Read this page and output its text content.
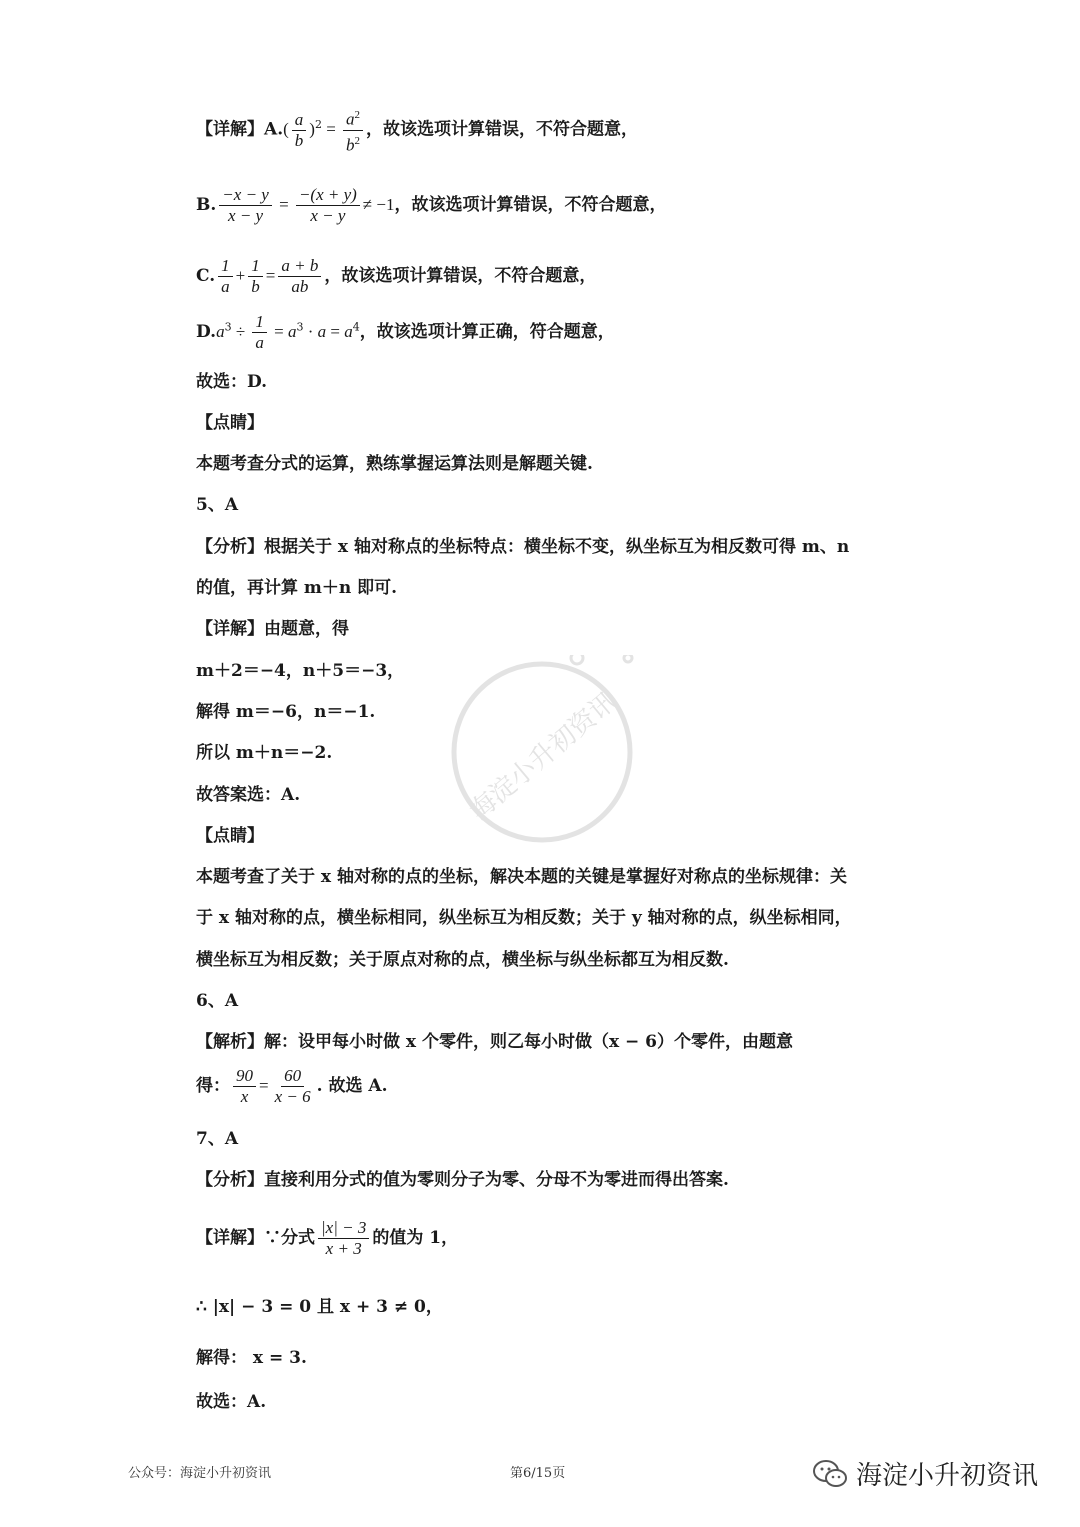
海淀小升初资讯
【详解】$A.( \frac{a}{b} )^2 = \frac{a^2}{b^2}$ ，故该选项计算错误，不符合题意，
B. $\frac{-x - y}{x - y} = \frac{-(x + y)}{x - y} \ne -1$，故该选项计算错误，不符合题意，
C. $\frac{1}{a} + \frac{1}{b} = \frac{a + b}{ab}$ ，故该选项计算错误，不符合题意，
$D.a^3 \div \frac{1}{a} = a^3 \cdot a = a^4$，故该选项计算正确，符合题意，
故选：D.
【点睛】
本题考查分式的运算，熟练掌握运算法则是解题关键.
5、A
【分析】根据关于 x 轴对称点的坐标特点：横坐标不变，纵坐标互为相反数可得 m、n
的值，再计算 m＋n 即可.
【详解】由题意，得
m＋2＝−4，n＋5＝−3，
解得 m＝−6，n＝−1.
所以 m＋n＝−2.
故答案选：A.
【点睛】
本题考查了关于 x 轴对称的点的坐标，解决本题的关键是掌握好对称点的坐标规律：关
于 x 轴对称的点，横坐标相同，纵坐标互为相反数；关于 y 轴对称的点，纵坐标相同，
横坐标互为相反数；关于原点对称的点，横坐标与纵坐标都互为相反数.
6、A
【解析】解：设甲每小时做 x 个零件，则乙每小时做（x − 6）个零件，由题意
得： $\frac{90}{x} = \frac{60}{x - 6}$ . 故选 A.
7、A
【分析】直接利用分式的值为零则分子为零、分母不为零进而得出答案.
【详解】∵分式 $\frac{|x| - 3}{x + 3}$ 的值为 1，
∴ |x| − 3 = 0 且 x + 3 ≠ 0，
解得： x = 3.
故选：A.
公众号：海淀小升初资讯	第6/15页	海淀小升初资讯
